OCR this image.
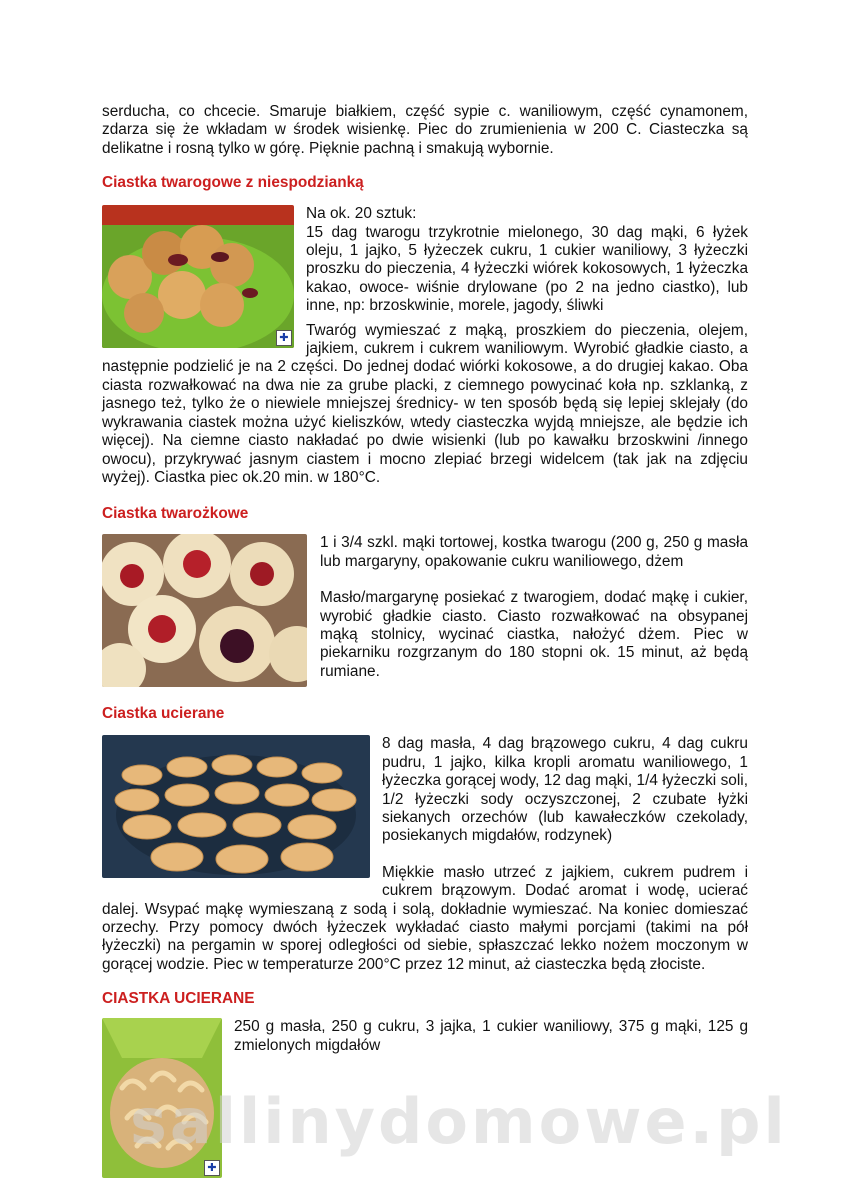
serducha, co chcecie. Smaruje białkiem, część sypie c. waniliowym, część cynamonem, zdarza się że wkładam w środek wisienkę. Piec do zrumienienia w 200 C. Ciasteczka są delikatne i rosną tylko w górę. Pięknie pachną i smakują wybornie.

Ciastka twarogowe z niespodzianką
✚

Na ok. 20 sztuk:

15 dag twarogu trzykrotnie mielonego, 30 dag mąki, 6 łyżek oleju, 1 jajko, 5 łyżeczek cukru, 1 cukier waniliowy, 3 łyżeczki proszku do pieczenia, 4 łyżeczki wiórek kokosowych, 1 łyżeczka kakao, owoce- wiśnie drylowane (po 2 na jedno ciastko), lub inne, np: brzoskwinie, morele, jagody, śliwki

Twaróg wymieszać z mąką, proszkiem do pieczenia, olejem, jajkiem, cukrem i cukrem waniliowym. Wyrobić gładkie ciasto, a następnie podzielić je na 2 części. Do jednej dodać wiórki kokosowe, a do drugiej kakao. Oba ciasta rozwałkować na dwa nie za grube placki, z ciemnego powycinać koła np. szklanką, z jasnego też, tylko że o niewiele mniejszej średnicy- w ten sposób będą się lepiej sklejały (do wykrawania ciastek można użyć kieliszków, wtedy ciasteczka wyjdą mniejsze, ale będzie ich więcej). Na ciemne ciasto nakładać po dwie wisienki (lub po kawałku brzoskwini /innego owocu), przykrywać jasnym ciastem i mocno zlepiać brzegi widelcem (tak jak na zdjęciu wyżej). Ciastka piec ok.20 min. w 180°C.

Ciastka twarożkowe

1 i 3/4 szkl. mąki tortowej, kostka twarogu (200 g, 250 g masła lub margaryny, opakowanie cukru waniliowego, dżem

Masło/margarynę posiekać z twarogiem, dodać mąkę i cukier, wyrobić gładkie ciasto. Ciasto rozwałkować na obsypanej mąką stolnicy, wycinać ciastka, nałożyć dżem. Piec w piekarniku rozgrzanym do 180 stopni ok. 15 minut, aż będą rumiane.

Ciastka ucierane

8 dag masła, 4 dag brązowego cukru, 4 dag cukru pudru, 1 jajko, kilka kropli aromatu waniliowego, 1 łyżeczka gorącej wody, 12 dag mąki, 1/4 łyżeczki soli, 1/2 łyżeczki sody oczyszczonej, 2 czubate łyżki siekanych orzechów (lub kawałeczków czekolady, posiekanych migdałów, rodzynek)

Miękkie masło utrzeć z jajkiem, cukrem pudrem i cukrem brązowym. Dodać aromat i wodę, ucierać dalej. Wsypać mąkę wymieszaną z sodą i solą, dokładnie wymieszać. Na koniec domieszać orzechy. Przy pomocy dwóch łyżeczek wykładać ciasto małymi porcjami (takimi na pół łyżeczki) na pergamin w sporej odległości od siebie, spłaszczać lekko nożem moczonym w gorącej wodzie. Piec w temperaturze 200°C przez 12 minut, aż ciasteczka będą złociste.

CIASTKA UCIERANE
✚

250 g masła, 250 g cukru, 3 jajka, 1 cukier waniliowy, 375 g mąki, 125 g zmielonych migdałów

sallinydomowe.pl
